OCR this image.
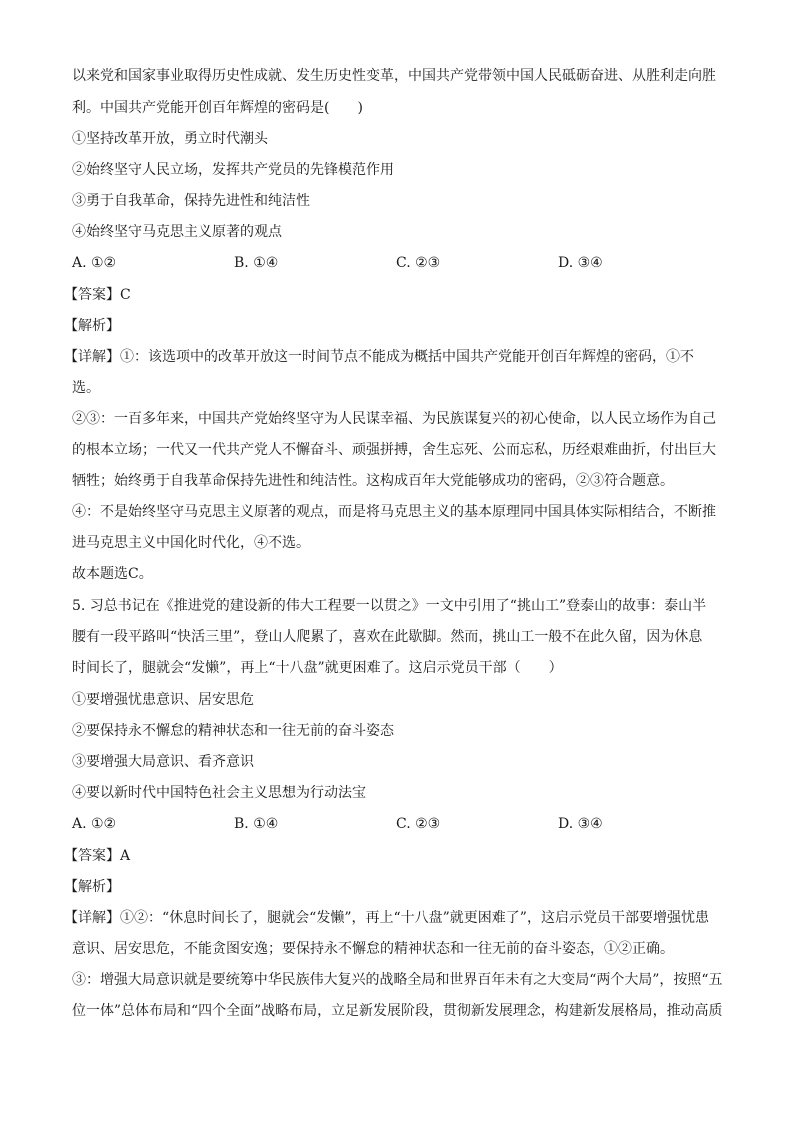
以来党和国家事业取得历史性成就、发生历史性变革，中国共产党带领中国人民砥砺奋进、从胜利走向胜
利。中国共产党能开创百年辉煌的密码是(　　)
①坚持改革开放，勇立时代潮头
②始终坚守人民立场，发挥共产党员的先锋模范作用
③勇于自我革命，保持先进性和纯洁性
④始终坚守马克思主义原著的观点
A. ①②	B. ①④	C. ②③	D. ③④
【答案】C
【解析】
【详解】①：该选项中的改革开放这一时间节点不能成为概括中国共产党能开创百年辉煌的密码，①不
选。
②③：一百多年来，中国共产党始终坚守为人民谋幸福、为民族谋复兴的初心使命，以人民立场作为自己
的根本立场；一代又一代共产党人不懈奋斗、顽强拼搏，舍生忘死、公而忘私，历经艰难曲折，付出巨大
牺牲；始终勇于自我革命保持先进性和纯洁性。这构成百年大党能够成功的密码，②③符合题意。
④：不是始终坚守马克思主义原著的观点，而是将马克思主义的基本原理同中国具体实际相结合，不断推
进马克思主义中国化时代化，④不选。
故本题选C。
5. 习总书记在《推进党的建设新的伟大工程要一以贯之》一文中引用了“挑山工”登泰山的故事：泰山半
腰有一段平路叫“快活三里”，登山人爬累了，喜欢在此歇脚。然而，挑山工一般不在此久留，因为休息
时间长了，腿就会“发懒”，再上“十八盘”就更困难了。这启示党员干部（　　）
①要增强忧患意识、居安思危
②要保持永不懈怠的精神状态和一往无前的奋斗姿态
③要增强大局意识、看齐意识
④要以新时代中国特色社会主义思想为行动法宝
A. ①②	B. ①④	C. ②③	D. ③④
【答案】A
【解析】
【详解】①②：“休息时间长了，腿就会“发懒”，再上“十八盘”就更困难了”，这启示党员干部要增强忧患
意识、居安思危，不能贪图安逸；要保持永不懈怠的精神状态和一往无前的奋斗姿态，①②正确。
③：增强大局意识就是要统筹中华民族伟大复兴的战略全局和世界百年未有之大变局“两个大局”，按照“五
位一体”总体布局和“四个全面”战略布局，立足新发展阶段，贯彻新发展理念，构建新发展格局，推动高质
